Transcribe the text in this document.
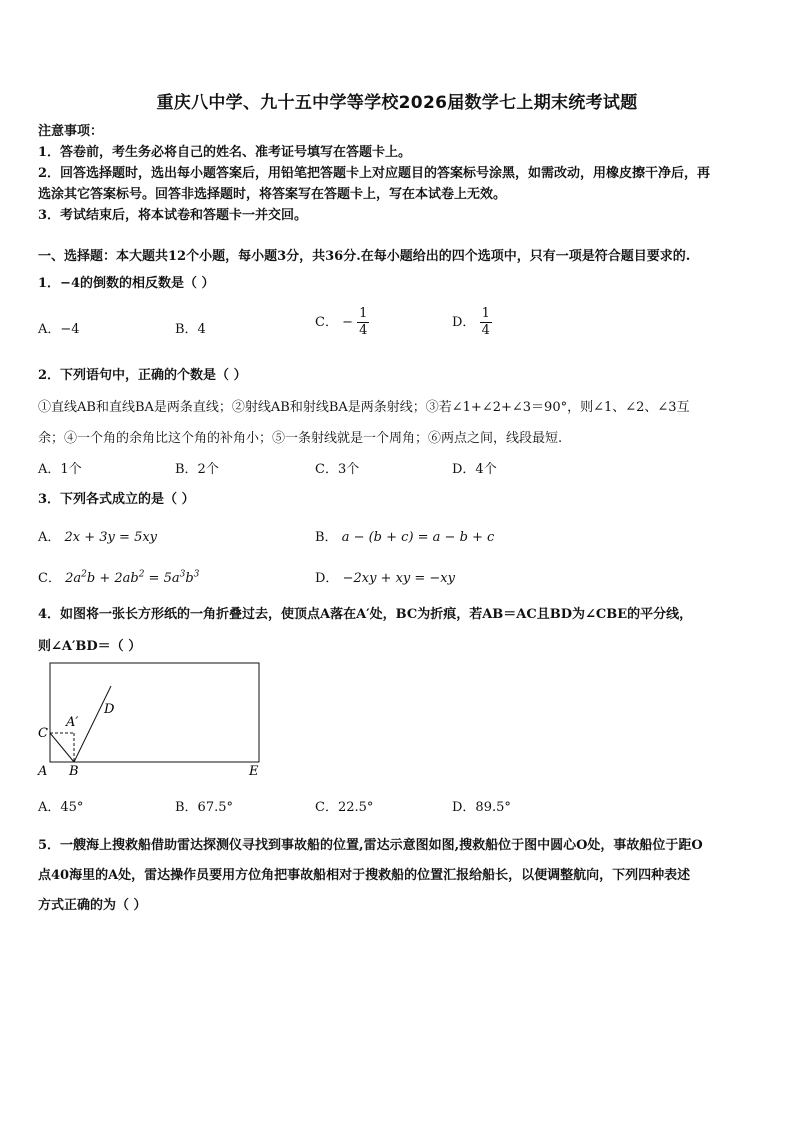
重庆八中学、九十五中学等学校2026届数学七上期末统考试题
注意事项：
1．答卷前，考生务必将自己的姓名、准考证号填写在答题卡上。
2．回答选择题时，选出每小题答案后，用铅笔把答题卡上对应题目的答案标号涂黑，如需改动，用橡皮擦干净后，再
选涂其它答案标号。回答非选择题时，将答案写在答题卡上，写在本试卷上无效。
3．考试结束后，将本试卷和答题卡一并交回。
一、选择题：本大题共12个小题，每小题3分，共36分.在每小题给出的四个选项中，只有一项是符合题目要求的.
1．−4的倒数的相反数是（ ）
A．−4	B．4	C． − $\frac{1}{4}$	D． $\frac{1}{4}$
2．下列语句中，正确的个数是（ ）
①直线AB和直线BA是两条直线；②射线AB和射线BA是两条射线；③若∠1+∠2+∠3＝90°，则∠1、∠2、∠3互
余；④一个角的余角比这个角的补角小；⑤一条射线就是一个周角；⑥两点之间，线段最短.
A．1个	B．2个	C．3个	D．4个
3．下列各式成立的是（ ）
A． 2x + 3y = 5xy	B． a − (b + c) = a − b + c
C． $2a^2b + 2ab^2 = 5a^3b^3$	D． −2xy + xy = −xy
4．如图将一张长方形纸的一角折叠过去，使顶点A落在A′处，BC为折痕，若AB＝AC且BD为∠CBE的平分线，
则∠A′BD＝（ ）
C
A′
D
A B	E
A．45°	B．67.5°	C．22.5°	D．89.5°
5．一艘海上搜救船借助雷达探测仪寻找到事故船的位置,雷达示意图如图,搜救船位于图中圆心O处，事故船位于距O
点40海里的A处，雷达操作员要用方位角把事故船相对于搜救船的位置汇报给船长，以便调整航向，下列四种表述
方式正确的为（ ）
